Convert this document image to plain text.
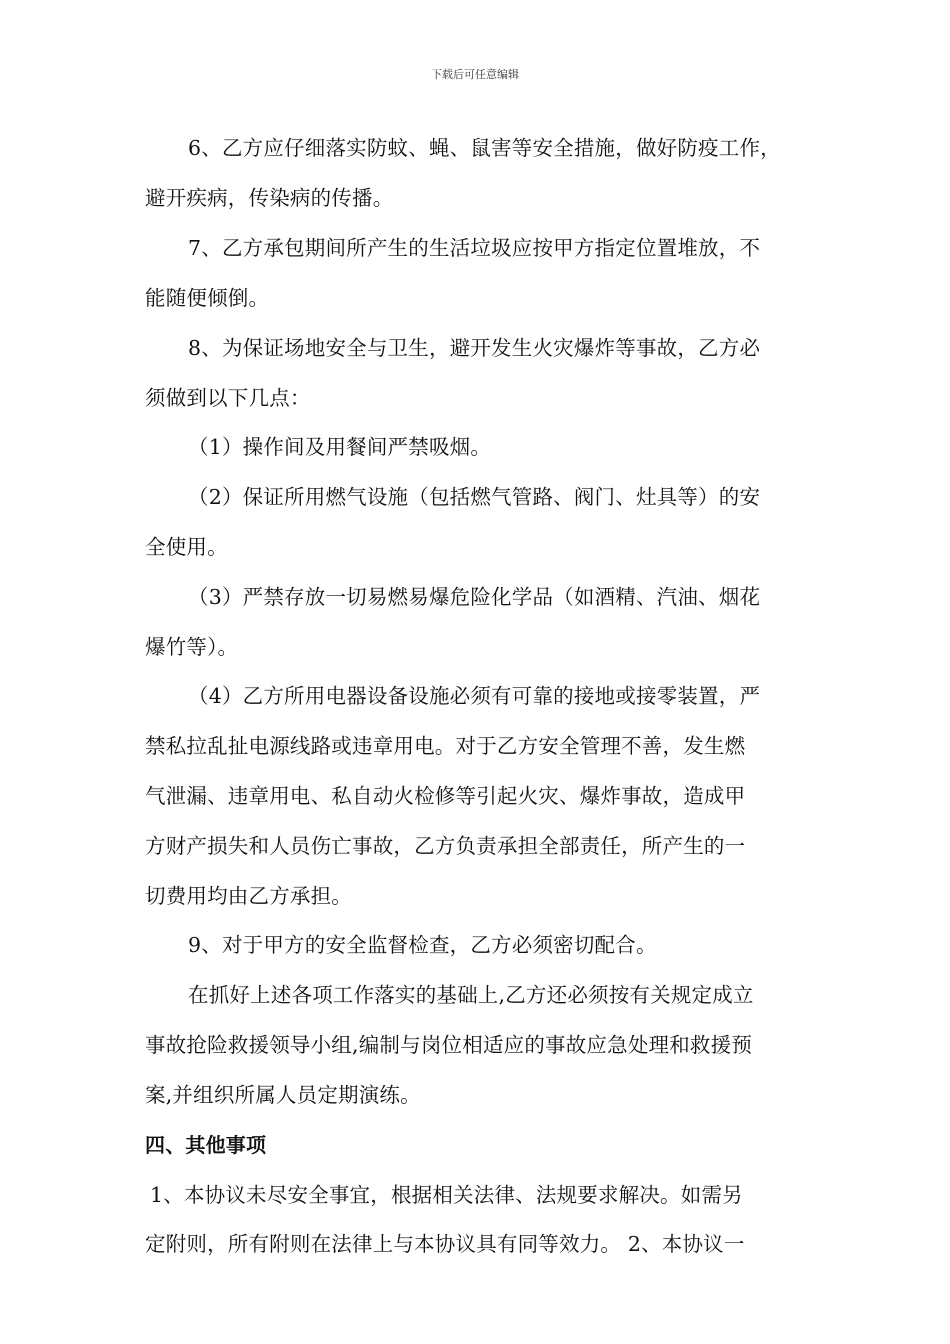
下载后可任意编辑
6、乙方应仔细落实防蚊、蝇、鼠害等安全措施，做好防疫工作，
避开疾病，传染病的传播。
7、乙方承包期间所产生的生活垃圾应按甲方指定位置堆放，不
能随便倾倒。
8、为保证场地安全与卫生，避开发生火灾爆炸等事故，乙方必
须做到以下几点：
（1）操作间及用餐间严禁吸烟。
（2）保证所用燃气设施（包括燃气管路、阀门、灶具等）的安
全使用。
（3）严禁存放一切易燃易爆危险化学品（如酒精、汽油、烟花
爆竹等）。
（4）乙方所用电器设备设施必须有可靠的接地或接零装置，严
禁私拉乱扯电源线路或违章用电。对于乙方安全管理不善，发生燃
气泄漏、违章用电、私自动火检修等引起火灾、爆炸事故，造成甲
方财产损失和人员伤亡事故，乙方负责承担全部责任，所产生的一
切费用均由乙方承担。
9、对于甲方的安全监督检查，乙方必须密切配合。
在抓好上述各项工作落实的基础上,乙方还必须按有关规定成立
事故抢险救援领导小组,编制与岗位相适应的事故应急处理和救援预
案,并组织所属人员定期演练。
四、其他事项
1、本协议未尽安全事宜，根据相关法律、法规要求解决。如需另
定附则，所有附则在法律上与本协议具有同等效力。 2、本协议一
